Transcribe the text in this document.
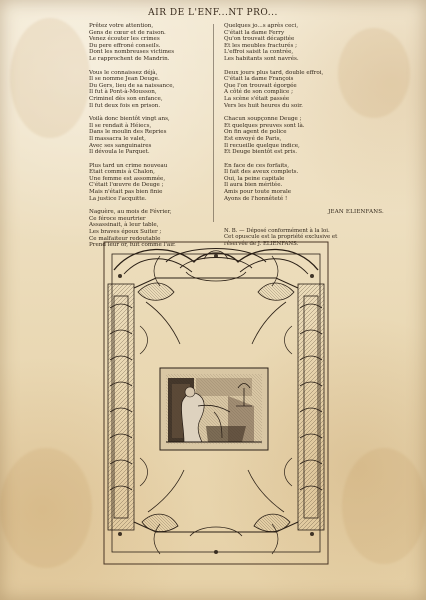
AIR DE L'ENF...NT PRO...
Prêtez votre attention,
Gens de cœur et de raison.
Venez écouter les crimes
Du pere effroné conseiIs.
Dont les nombreuses victimes
Le rapprochent de Mandrin.
Vous le connaissez déjà,
Il se nomme Jean Deuge.
Du Gers, lieu de sa naissance,
Il fut à Pont-à-Mousson,
Criminel dès son enfance,
Il fut deux fois en prison.
Voilà donc bientôt vingt ans,
Il se rendait à Héiecs,
Dans le moulin des Repries
Il massacra le valet,
Avec ses sanguinaires
Il dévoula le Parquet.
Plus tard un crime nouveau
Etait commis à Chalon,
Une femme est assommée,
C'était l'œuvre de Deuge ;
Mais n'était pas bien finie
La justice l'acquitte.
Naguère, au mois de Février,
Ce féroce meurtrier
Assassinait, à leur table,
Les braves époux Suiter ;
Ce malfaiteur redoutable
Prend leur or, fuit comme l'air.
Quelques jo...s après ceci,
C'était la dame Ferry
Qu'on trouvait décapitée
Et les meubles fracturés ;
L'effroi saisit la contrée,
Les habitants sont navrés.
Deux jours plus tard, double effroi,
C'était la dame François
Que l'on trouvait égorgée
A côté de son complice ;
La scène s'était passée
Vers les huit heures du soir.
Chacun soupçonne Deuge ;
Et quelques preuves sont là.
On fin agent de police
Est envoyé de Paris,
Il recueille quelque indice,
Et Deuge bientôt est pris.
En face de ces forfaits,
Il fait des aveux complets.
Oui, la peine capitale
Il aura bien méritée.
Amis pour toute morale
Ayons de l'honnêteté !
JEAN ELIENFANS.
N. B. — Déposé conformément à la loi.
Cet opuscule est la propriété exclusive et
réservée de J. ELIENFANS.
